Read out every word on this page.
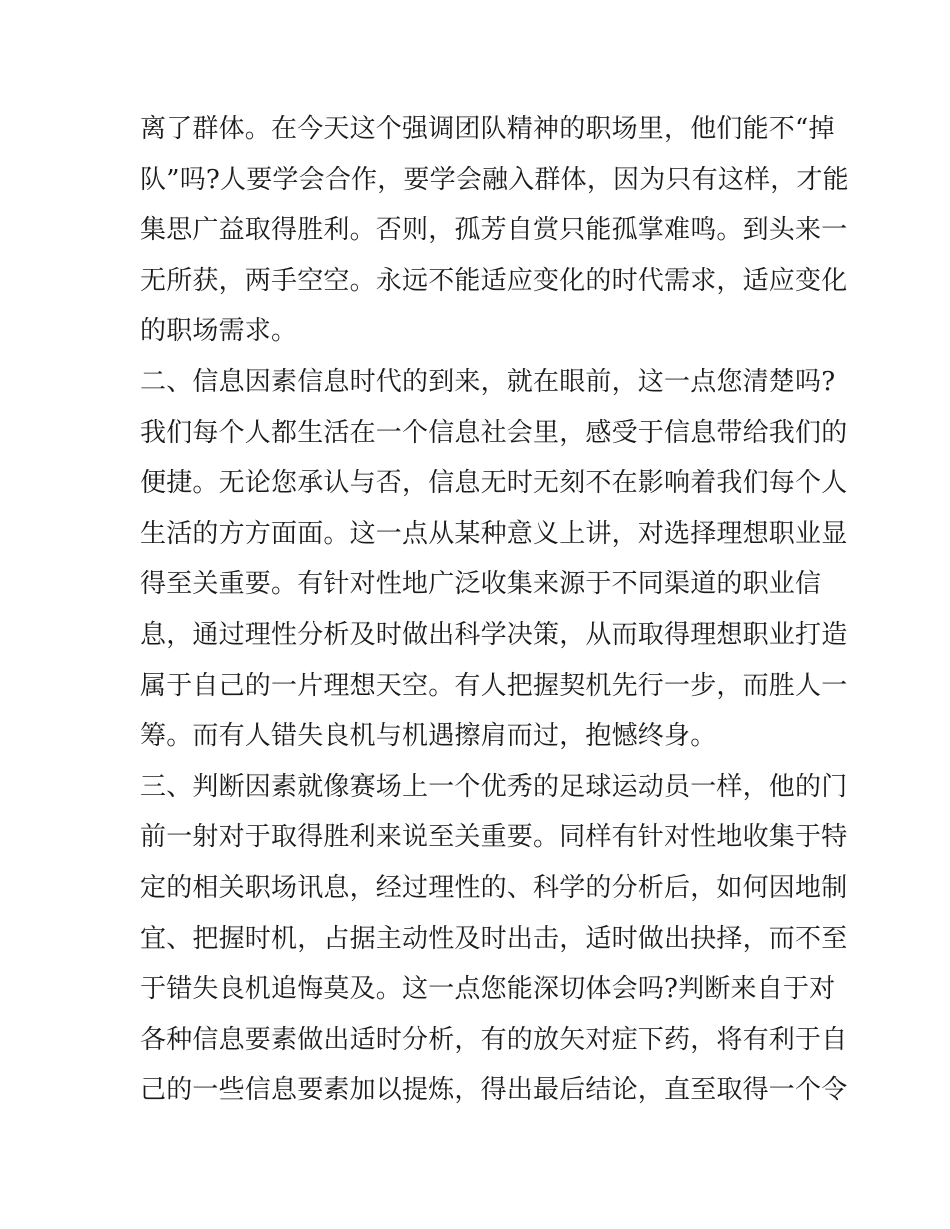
离了群体。在今天这个强调团队精神的职场里，他们能不“掉
队”吗?人要学会合作，要学会融入群体，因为只有这样，才能
集思广益取得胜利。否则，孤芳自赏只能孤掌难鸣。到头来一
无所获，两手空空。永远不能适应变化的时代需求，适应变化
的职场需求。
二、信息因素信息时代的到来，就在眼前，这一点您清楚吗?
我们每个人都生活在一个信息社会里，感受于信息带给我们的
便捷。无论您承认与否，信息无时无刻不在影响着我们每个人
生活的方方面面。这一点从某种意义上讲，对选择理想职业显
得至关重要。有针对性地广泛收集来源于不同渠道的职业信
息，通过理性分析及时做出科学决策，从而取得理想职业打造
属于自己的一片理想天空。有人把握契机先行一步，而胜人一
筹。而有人错失良机与机遇擦肩而过，抱憾终身。
三、判断因素就像赛场上一个优秀的足球运动员一样，他的门
前一射对于取得胜利来说至关重要。同样有针对性地收集于特
定的相关职场讯息，经过理性的、科学的分析后，如何因地制
宜、把握时机，占据主动性及时出击，适时做出抉择，而不至
于错失良机追悔莫及。这一点您能深切体会吗?判断来自于对
各种信息要素做出适时分析，有的放矢对症下药，将有利于自
己的一些信息要素加以提炼，得出最后结论，直至取得一个令
